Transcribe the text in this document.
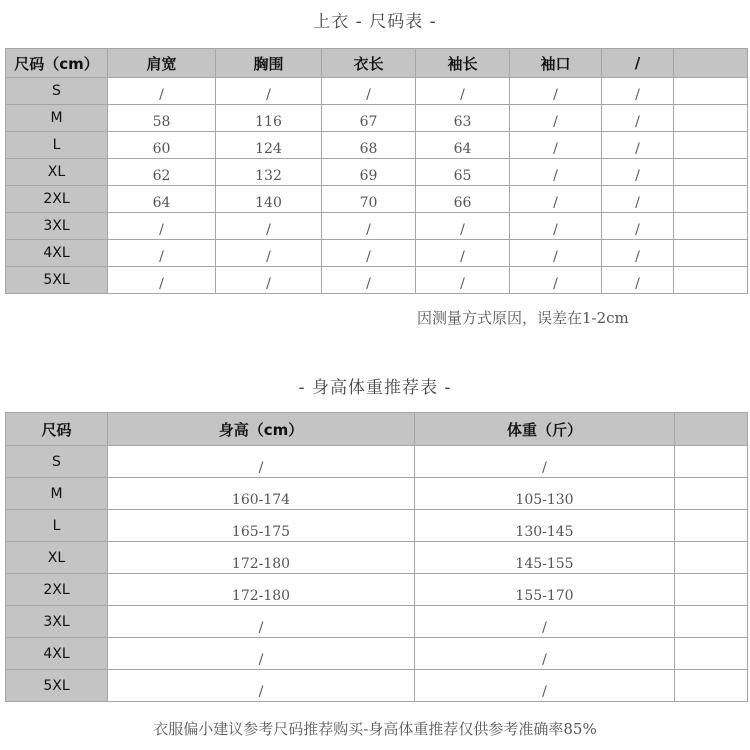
上衣 - 尺码表 -
尺码（cm）	肩宽	胸围	衣长	袖长	袖口	/	
S	/	/	/	/	/	/	
M	58	116	67	63	/	/	
L	60	124	68	64	/	/	
XL	62	132	69	65	/	/	
2XL	64	140	70	66	/	/	
3XL	/	/	/	/	/	/	
4XL	/	/	/	/	/	/	
5XL	/	/	/	/	/	/	
因测量方式原因，误差在1-2cm
- 身高体重推荐表 -
尺码	身高（cm）	体重（斤）	
S	/	/	
M	160-174	105-130	
L	165-175	130-145	
XL	172-180	145-155	
2XL	172-180	155-170	
3XL	/	/	
4XL	/	/	
5XL	/	/	
衣服偏小建议参考尺码推荐购买-身高体重推荐仅供参考准确率85%
